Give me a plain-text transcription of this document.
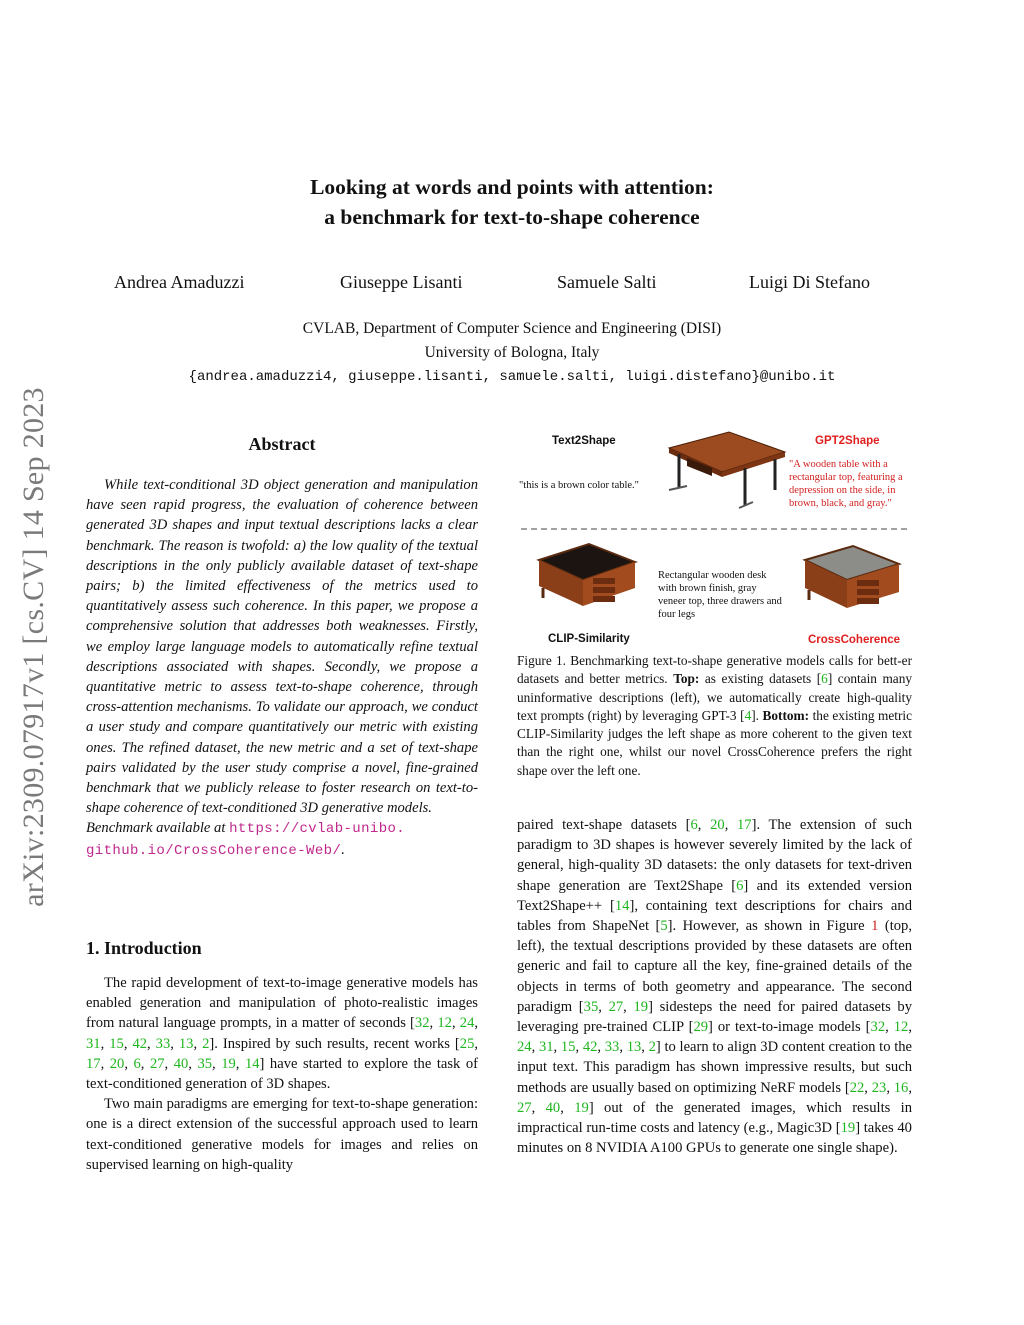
arXiv:2309.07917v1 [cs.CV] 14 Sep 2023
Looking at words and points with attention:
a benchmark for text-to-shape coherence
Andrea Amaduzzi	Giuseppe Lisanti	Samuele Salti	Luigi Di Stefano
CVLAB, Department of Computer Science and Engineering (DISI)
University of Bologna, Italy
{andrea.amaduzzi4, giuseppe.lisanti, samuele.salti, luigi.distefano}@unibo.it
Abstract

While text-conditional 3D object generation and manipulation have seen rapid progress, the evaluation of coherence between generated 3D shapes and input textual descriptions lacks a clear benchmark. The reason is twofold: a) the low quality of the textual descriptions in the only publicly available dataset of text-shape pairs; b) the limited effectiveness of the metrics used to quantitatively assess such coherence. In this paper, we propose a comprehensive solution that addresses both weaknesses. Firstly, we employ large language models to automatically refine textual descriptions associated with shapes. Secondly, we propose a quantitative metric to assess text-to-shape coherence, through cross-attention mechanisms. To validate our approach, we conduct a user study and compare quantitatively our metric with existing ones. The refined dataset, the new metric and a set of text-shape pairs validated by the user study comprise a novel, fine-grained benchmark that we publicly release to foster research on text-to-shape coherence of text-conditioned 3D generative models.

Benchmark available at https://cvlab-unibo.
github.io/CrossCoherence-Web/.

1. Introduction

The rapid development of text-to-image generative models has enabled generation and manipulation of photo-realistic images from natural language prompts, in a matter of seconds [32, 12, 24, 31, 15, 42, 33, 13, 2]. Inspired by such results, recent works [25, 17, 20, 6, 27, 40, 35, 19, 14] have started to explore the task of text-conditioned generation of 3D shapes.

Two main paradigms are emerging for text-to-shape generation: one is a direct extension of the successful approach used to learn text-conditioned generative models for images and relies on supervised learning on high-quality

Text2Shape	GPT2Shape
"this is a brown color table."
"A wooden table with a rectangular top, featuring a depression on the side, in brown, black, and gray."
Rectangular wooden desk with brown finish, gray veneer top, three drawers and four legs
CLIP-Similarity	CrossCoherence

Figure 1. Benchmarking text-to-shape generative models calls for bett-er datasets and better metrics. Top: as existing datasets [6] contain many uninformative descriptions (left), we automatically create high-quality text prompts (right) by leveraging GPT-3 [4]. Bottom: the existing metric CLIP-Similarity judges the left shape as more coherent to the given text than the right one, whilst our novel CrossCoherence prefers the right shape over the left one.

paired text-shape datasets [6, 20, 17]. The extension of such paradigm to 3D shapes is however severely limited by the lack of general, high-quality 3D datasets: the only datasets for text-driven shape generation are Text2Shape [6] and its extended version Text2Shape++ [14], containing text descriptions for chairs and tables from ShapeNet [5]. However, as shown in Figure 1 (top, left), the textual descriptions provided by these datasets are often generic and fail to capture all the key, fine-grained details of the objects in terms of both geometry and appearance. The second paradigm [35, 27, 19] sidesteps the need for paired datasets by leveraging pre-trained CLIP [29] or text-to-image models [32, 12, 24, 31, 15, 42, 33, 13, 2] to learn to align 3D content creation to the input text. This paradigm has shown impressive results, but such methods are usually based on optimizing NeRF models [22, 23, 16, 27, 40, 19] out of the generated images, which results in impractical run-time costs and latency (e.g., Magic3D [19] takes 40 minutes on 8 NVIDIA A100 GPUs to generate one single shape).
